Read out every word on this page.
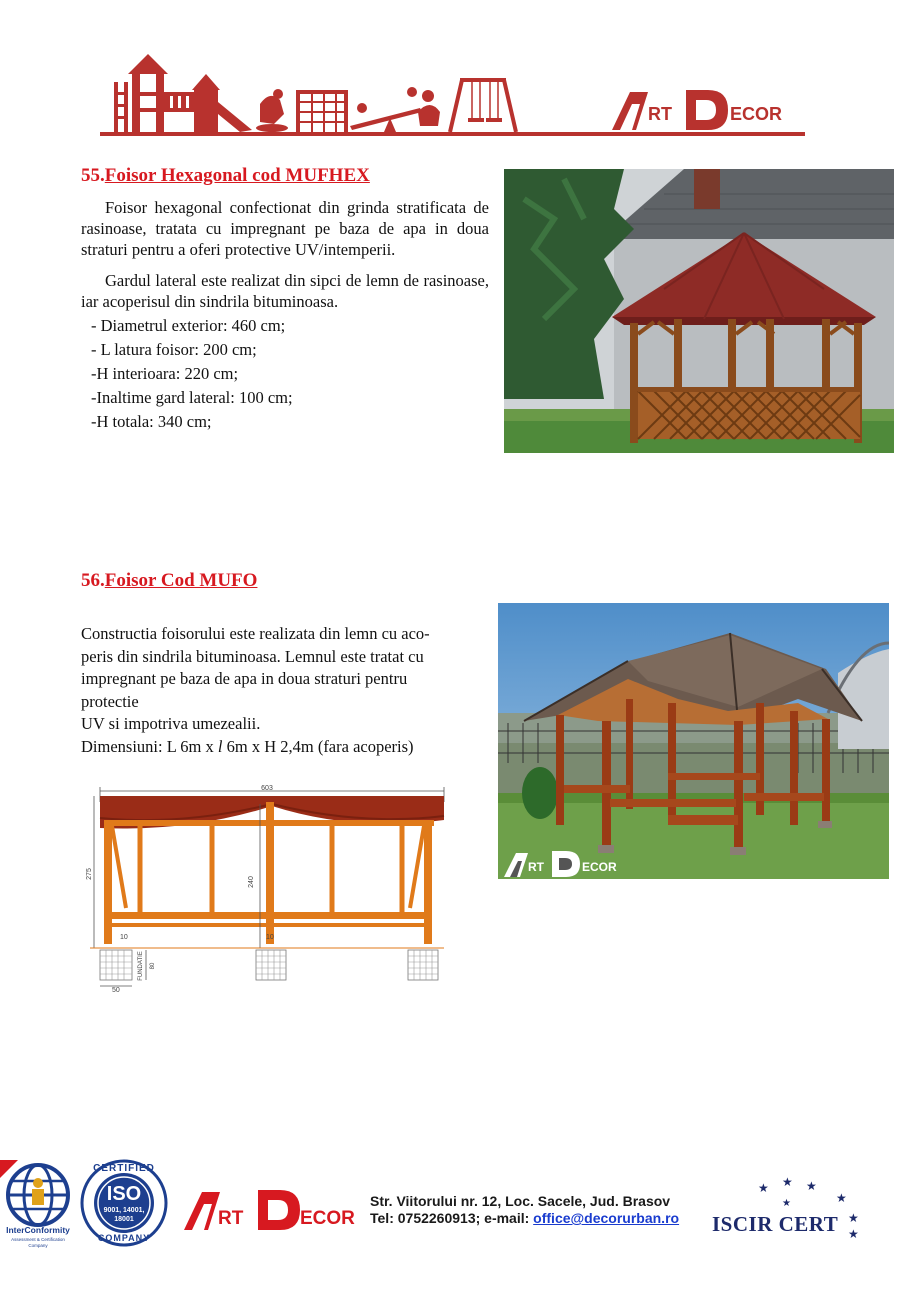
RT	ECOR
55.Foisor Hexagonal cod MUFHEX

Foisor hexagonal confectionat din grinda stratificata de rasinoase, tratata cu impregnant pe baza de apa in doua straturi pentru a oferi protective UV/intemperii.

Gardul lateral este realizat din sipci de lemn de rasinoase, iar acoperisul din sindrila bituminoasa.

- Diametrul exterior: 460 cm;
- L latura foisor: 200 cm;
-H interioara: 220 cm;
-Inaltime gard lateral: 100 cm;
-H totala: 340 cm;
56.Foisor Cod MUFO
Constructia foisorului este realizata din lemn cu aco-
peris din sindrila bituminoasa. Lemnul este tratat cu
impregnant pe baza de apa in doua straturi pentru
protectie
UV si impotriva umezealii.
Dimensiuni: L 6m x l 6m x H 2,4m (fara acoperis)
603
275
240
10	10
FUNDATIE 80
50
RT	ECOR
InterConformity
Assessment & Certification
Company
CERTIFIED
ISO
9001, 14001,
18001
COMPANY
RT	ECOR
Str. Viitorului nr. 12, Loc. Sacele, Jud. Brasov
Tel: 0752260913; e-mail: office@decorurban.ro
★ ★
★
★
★
★
★
ISCIR CERT
